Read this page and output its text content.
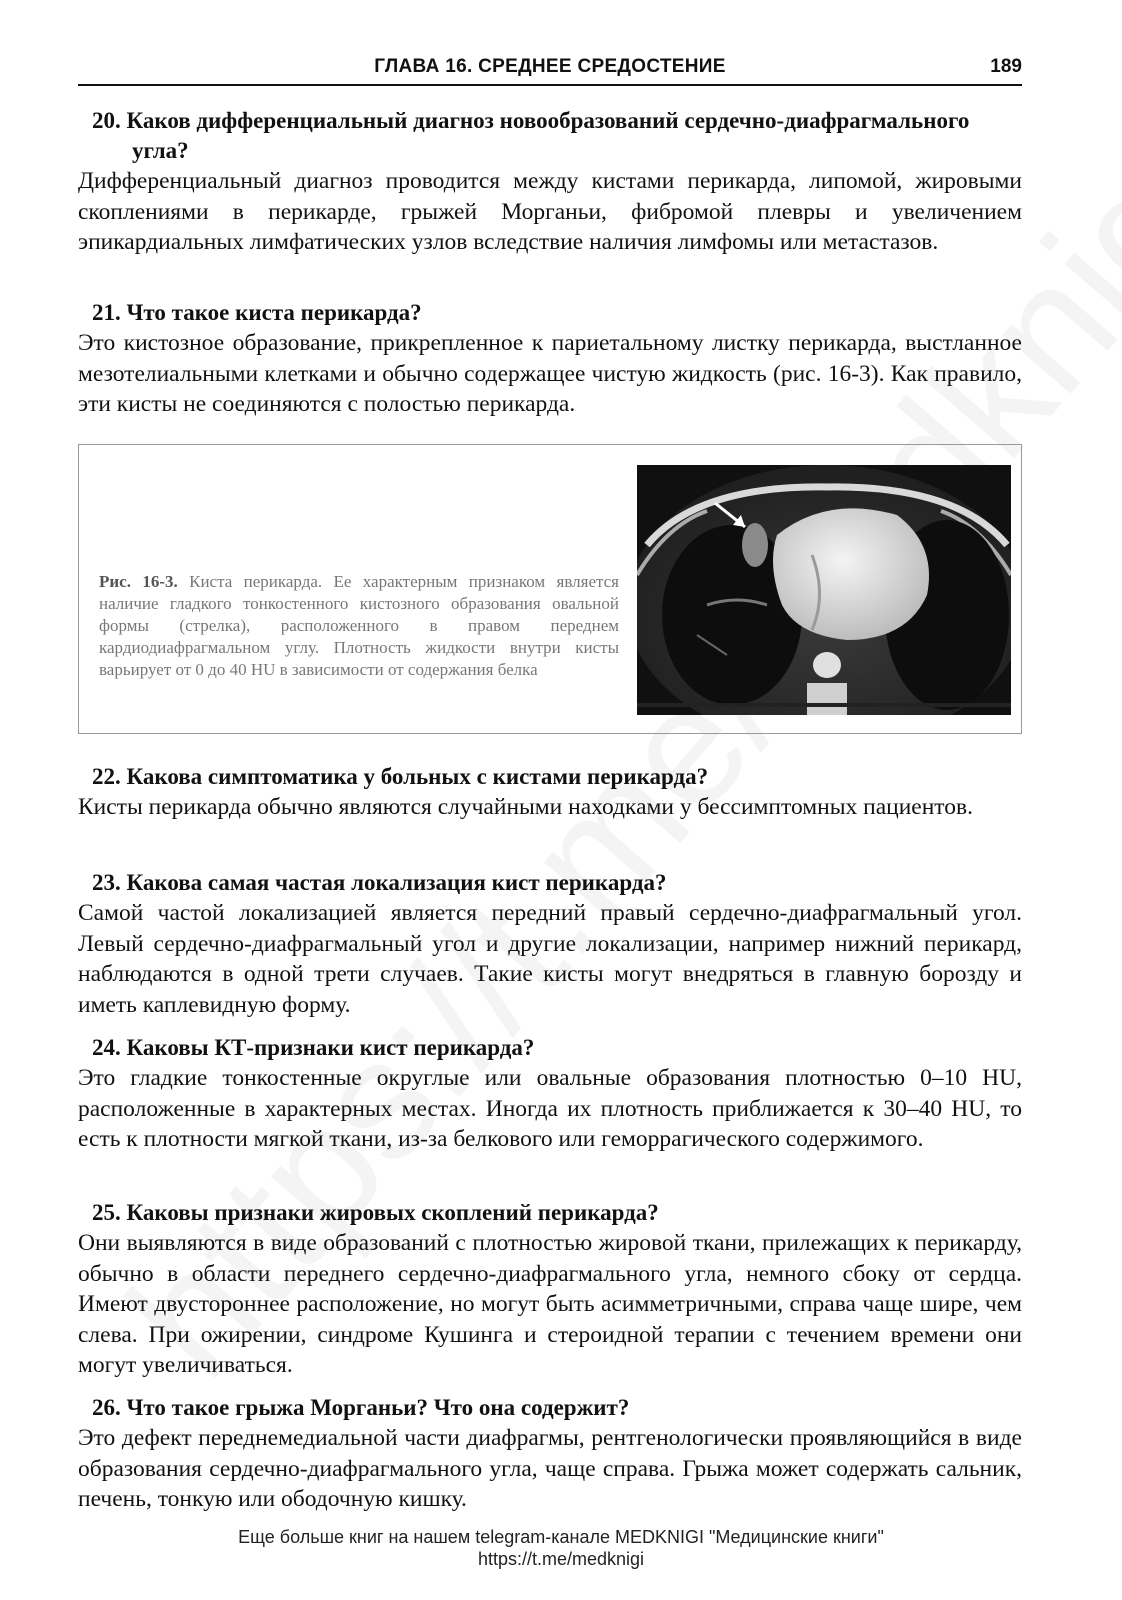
ГЛАВА 16. СРЕДНЕЕ СРЕДОСТЕНИЕ	189
20. Каков дифференциальный диагноз новообразований сердечно-диафрагмального угла?
Дифференциальный диагноз проводится между кистами перикарда, липомой, жировыми скоплениями в перикарде, грыжей Морганьи, фибромой плевры и увеличением эпикардиальных лимфатических узлов вследствие наличия лимфомы или метастазов.
21. Что такое киста перикарда?
Это кистозное образование, прикрепленное к париетальному листку перикарда, выстланное мезотелиальными клетками и обычно содержащее чистую жидкость (рис. 16-3). Как правило, эти кисты не соединяются с полостью перикарда.
Рис. 16-3. Киста перикарда. Ее характерным признаком является наличие гладкого тонкостенного кистозного образования овальной формы (стрелка), расположенного в правом переднем кардиодиафрагмальном углу. Плотность жидкости внутри кисты варьирует от 0 до 40 HU в зависимости от содержания белка
22. Какова симптоматика у больных с кистами перикарда?
Кисты перикарда обычно являются случайными находками у бессимптомных пациентов.
23. Какова самая частая локализация кист перикарда?
Самой частой локализацией является передний правый сердечно-диафрагмальный угол. Левый сердечно-диафрагмальный угол и другие локализации, например нижний перикард, наблюдаются в одной трети случаев. Такие кисты могут внедряться в главную борозду и иметь каплевидную форму.
24. Каковы КТ-признаки кист перикарда?
Это гладкие тонкостенные округлые или овальные образования плотностью 0–10 HU, расположенные в характерных местах. Иногда их плотность приближается к 30–40 HU, то есть к плотности мягкой ткани, из-за белкового или геморрагического содержимого.
25. Каковы признаки жировых скоплений перикарда?
Они выявляются в виде образований с плотностью жировой ткани, прилежащих к перикарду, обычно в области переднего сердечно-диафрагмального угла, немного сбоку от сердца. Имеют двустороннее расположение, но могут быть асимметричными, справа чаще шире, чем слева. При ожирении, синдроме Кушинга и стероидной терапии с течением времени они могут увеличиваться.
26. Что такое грыжа Морганьи? Что она содержит?
Это дефект переднемедиальной части диафрагмы, рентгенологически проявляющийся в виде образования сердечно-диафрагмального угла, чаще справа. Грыжа может содержать сальник, печень, тонкую или ободочную кишку.
Еще больше книг на нашем telegram-канале MEDKNIGI "Медицинские книги"
https://t.me/medknigi
